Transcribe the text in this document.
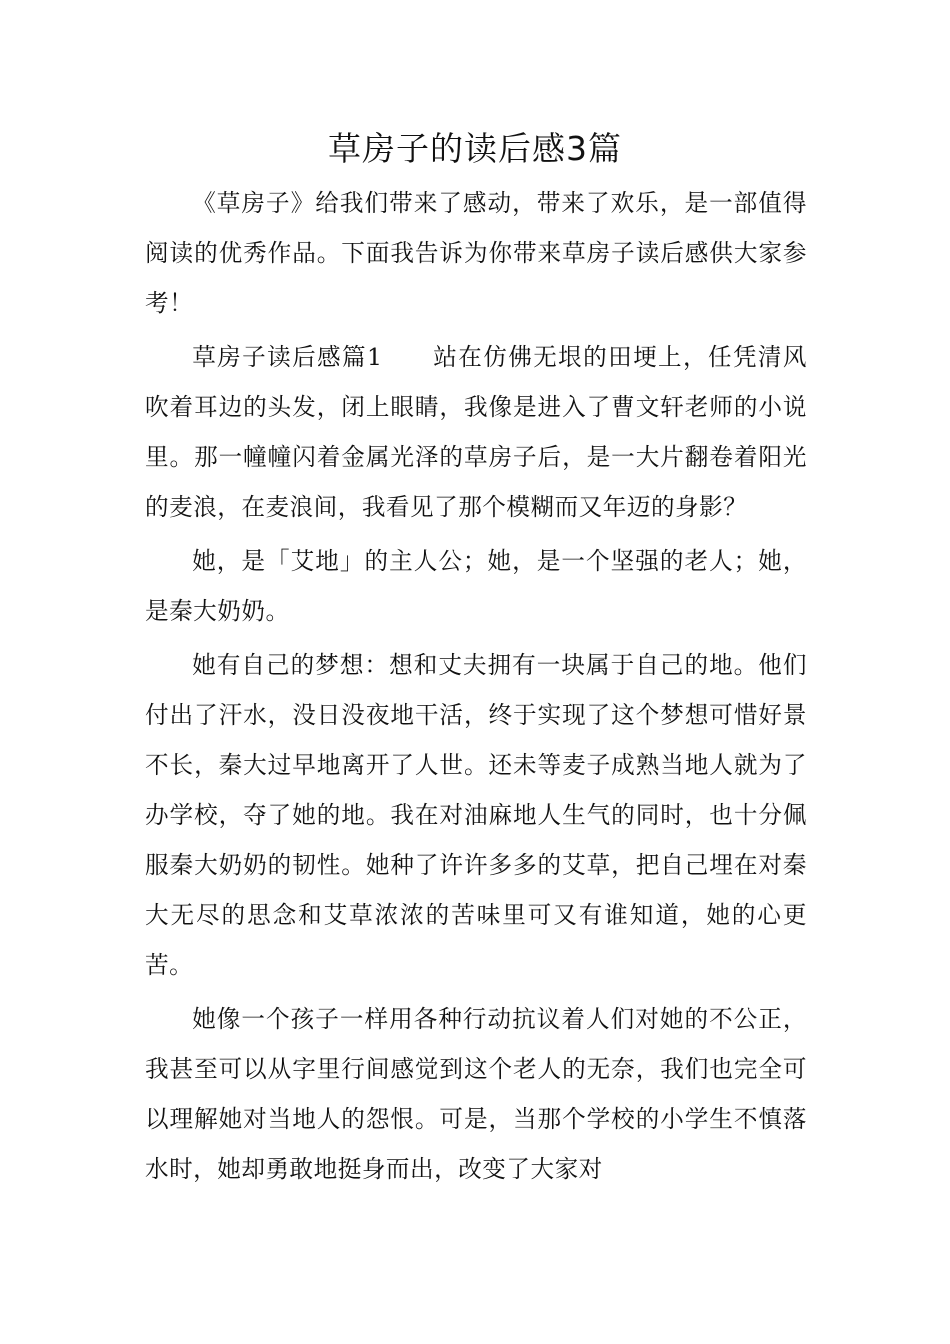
草房子的读后感3篇

《草房子》给我们带来了感动，带来了欢乐，是一部值得阅读的优秀作品。下面我告诉为你带来草房子读后感供大家参考！

草房子读后感篇1　　站在仿佛无垠的田埂上，任凭清风吹着耳边的头发，闭上眼睛，我像是进入了曹文轩老师的小说里。那一幢幢闪着金属光泽的草房子后，是一大片翻卷着阳光的麦浪，在麦浪间，我看见了那个模糊而又年迈的身影？

她，是「艾地」的主人公；她，是一个坚强的老人；她，是秦大奶奶。

她有自己的梦想：想和丈夫拥有一块属于自己的地。他们付出了汗水，没日没夜地干活，终于实现了这个梦想可惜好景不长，秦大过早地离开了人世。还未等麦子成熟当地人就为了办学校，夺了她的地。我在对油麻地人生气的同时，也十分佩服秦大奶奶的韧性。她种了许许多多的艾草，把自己埋在对秦大无尽的思念和艾草浓浓的苦味里可又有谁知道，她的心更苦。

她像一个孩子一样用各种行动抗议着人们对她的不公正，我甚至可以从字里行间感觉到这个老人的无奈，我们也完全可以理解她对当地人的怨恨。可是，当那个学校的小学生不慎落水时，她却勇敢地挺身而出，改变了大家对
